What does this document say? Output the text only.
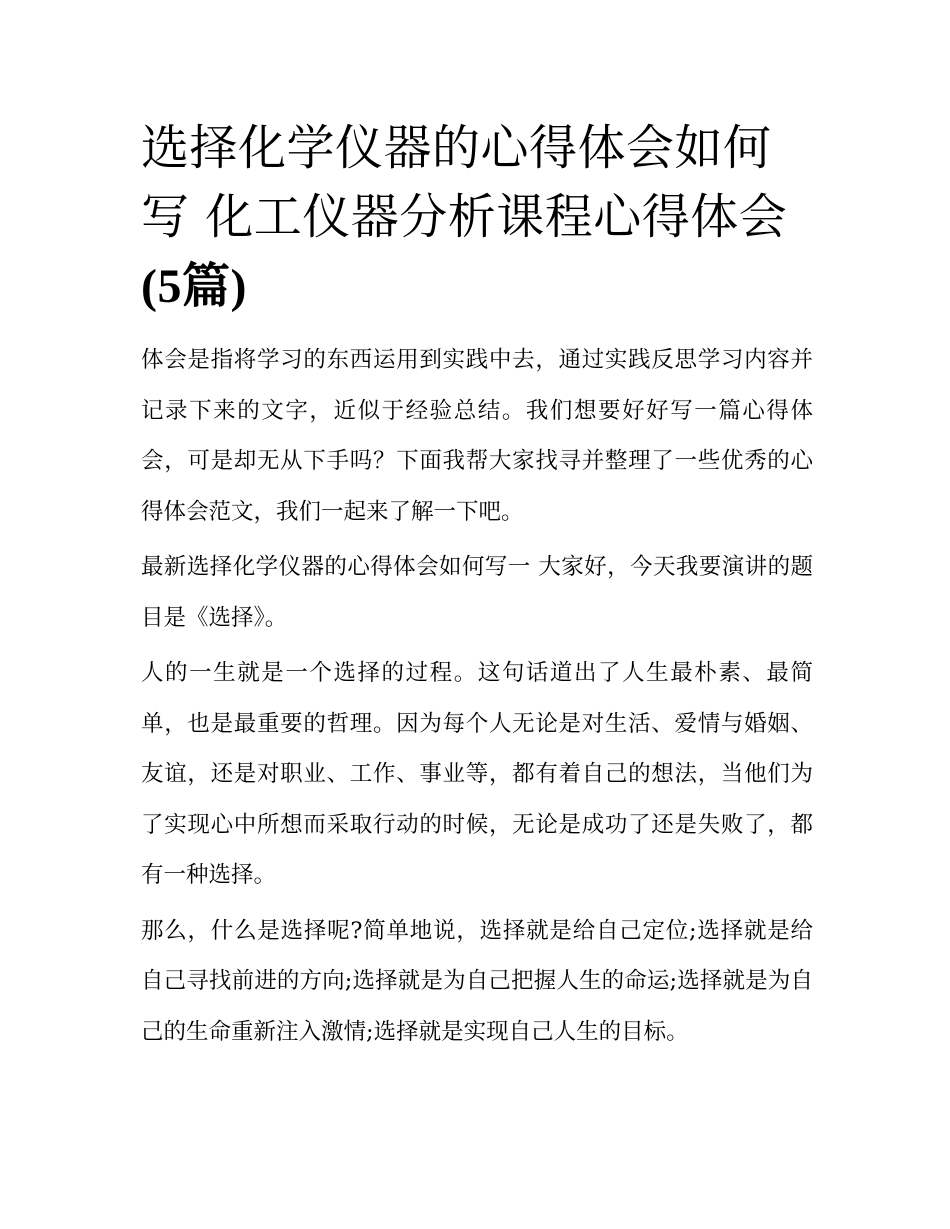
选择化学仪器的心得体会如何写 化工仪器分析课程心得体会
(5篇)

体会是指将学习的东西运用到实践中去，通过实践反思学习内容并记录下来的文字，近似于经验总结。我们想要好好写一篇心得体会，可是却无从下手吗？下面我帮大家找寻并整理了一些优秀的心得体会范文，我们一起来了解一下吧。

最新选择化学仪器的心得体会如何写一 大家好，今天我要演讲的题目是《选择》。

人的一生就是一个选择的过程。这句话道出了人生最朴素、最简单，也是最重要的哲理。因为每个人无论是对生活、爱情与婚姻、友谊，还是对职业、工作、事业等，都有着自己的想法，当他们为了实现心中所想而采取行动的时候，无论是成功了还是失败了，都有一种选择。

那么，什么是选择呢?简单地说，选择就是给自己定位;选择就是给自己寻找前进的方向;选择就是为自己把握人生的命运;选择就是为自己的生命重新注入激情;选择就是实现自己人生的目标。
